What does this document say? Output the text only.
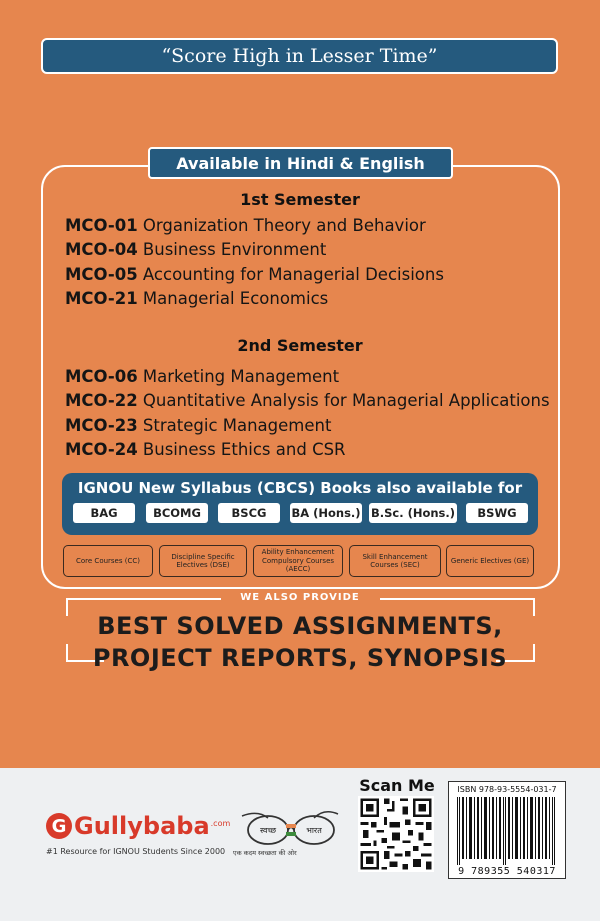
“Score High in Lesser Time”
Available in Hindi & English
1st Semester
MCO-01 Organization Theory and Behavior
MCO-04 Business Environment
MCO-05 Accounting for Managerial Decisions
MCO-21 Managerial Economics
2nd Semester
MCO-06 Marketing Management
MCO-22 Quantitative Analysis for Managerial Applications
MCO-23 Strategic Management
MCO-24 Business Ethics and CSR
IGNOU New Syllabus (CBCS) Books also available for
BAG	BCOMG	BSCG	BA (Hons.) B.Sc. (Hons.)	BSWG
Core Courses (CC)
Discipline Specific Electives (DSE)
Ability Enhancement Compulsory Courses (AECC)
Skill Enhancement Courses (SEC)
Generic Electives (GE)
WE ALSO PROVIDE
BEST SOLVED ASSIGNMENTS,
PROJECT REPORTS, SYNOPSIS
G Gullybaba .com
#1 Resource for IGNOU Students Since 2000
स्वच्छ	भारत
एक कदम स्वच्छता की ओर
Scan Me	ISBN 978-93-5554-031-7
9 789355 540317
